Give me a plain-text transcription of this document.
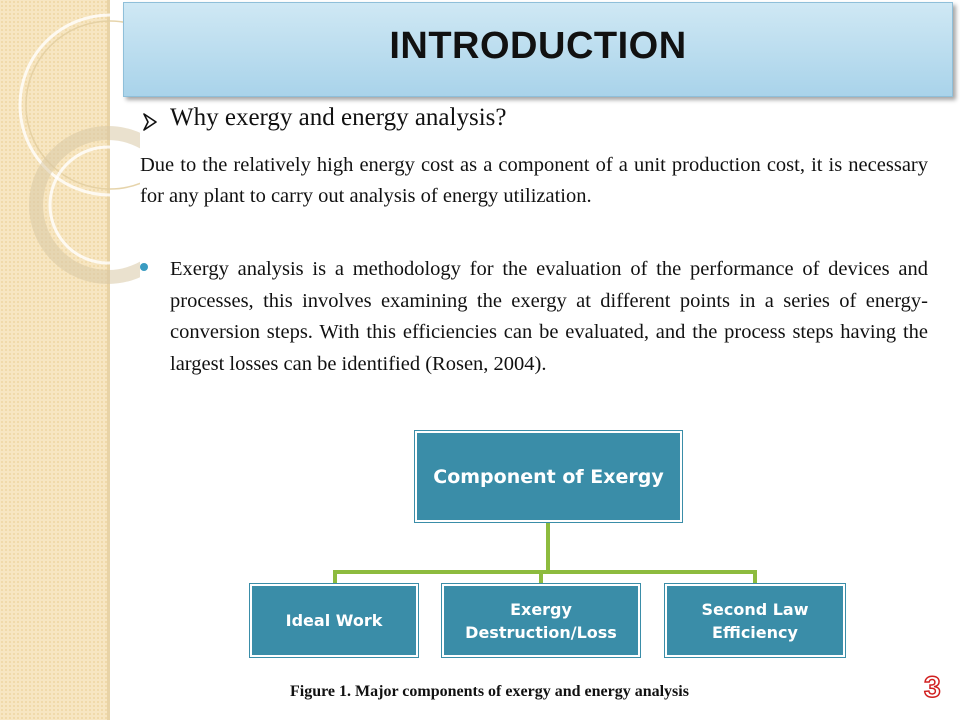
INTRODUCTION
Why exergy and energy analysis?

Due to the relatively high energy cost as a component of a unit production cost, it is necessary for any plant to carry out analysis of energy utilization.

Exergy analysis is a methodology for the evaluation of the performance of devices and processes, this involves examining the exergy at different points in a series of energy-conversion steps. With this efficiencies can be evaluated, and the process steps having the largest losses can be identified (Rosen, 2004).

Component of Exergy
Ideal Work
Exergy Destruction/Loss
Second Law Efficiency
Figure 1. Major components of exergy and energy analysis	3
